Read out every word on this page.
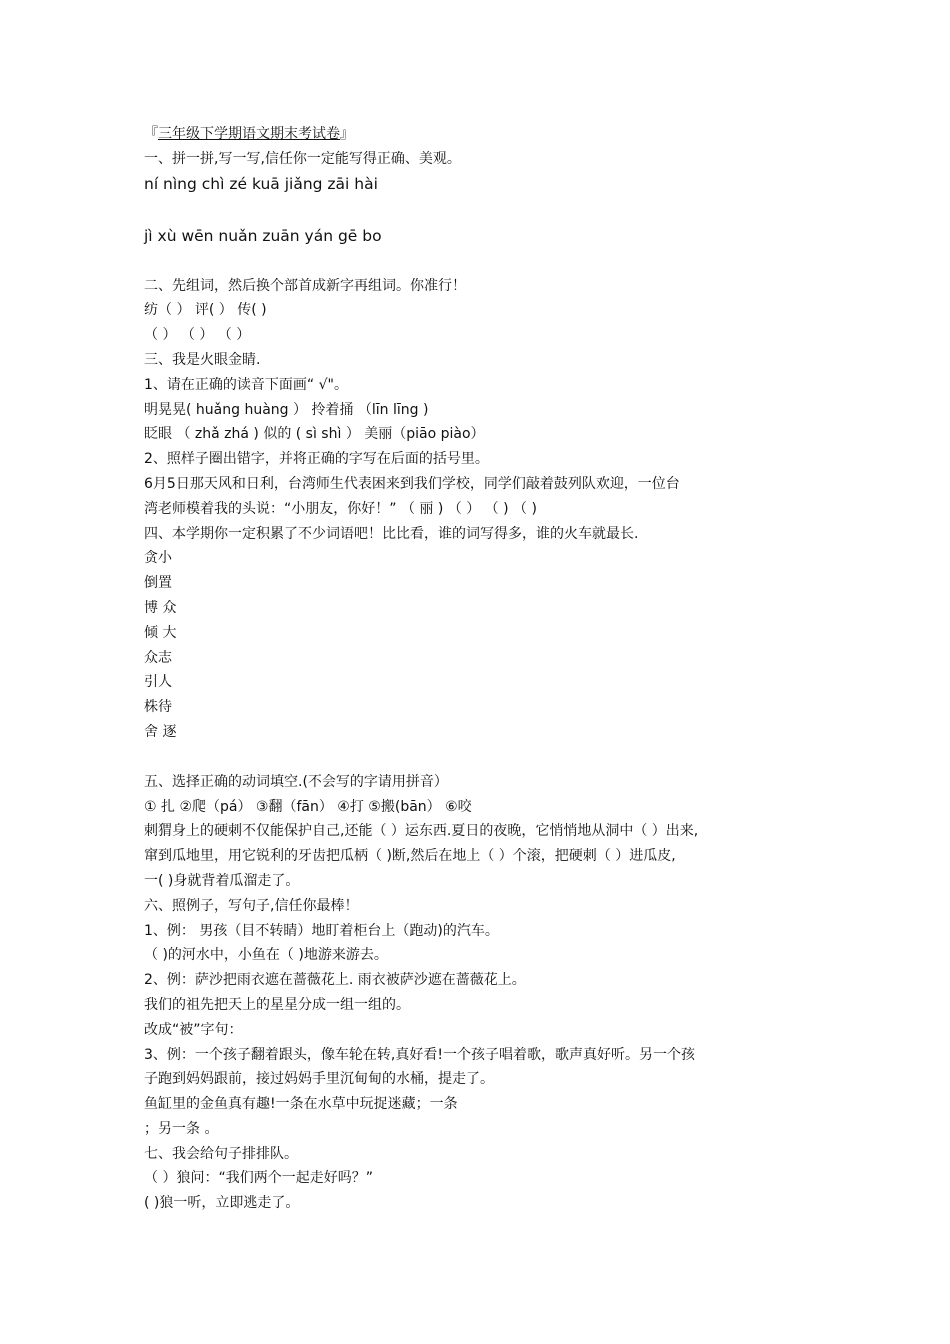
『三年级下学期语文期末考试卷』
一、拼一拼,写一写,信任你一定能写得正确、美观。
ní nìng chì zé kuā jiǎng zāi hài
jì xù wēn nuǎn zuān yán gē bo
二、先组词，然后换个部首成新字再组词。你准行！
纺（ ） 评( ） 传( )
（ ） （ ） （ ）
三、我是火眼金睛.
1、请在正确的读音下面画“ √"。
明晃晃( huǎng huàng ） 拎着捅 （līn līng )
眨眼 （ zhǎ zhá ) 似的 ( sì shì ） 美丽（piāo piào）
2、照样子圈出错字，并将正确的字写在后面的括号里。
6月5日那天风和日利，台湾师生代表困来到我们学校，同学们敲着鼓列队欢迎，一位台
湾老师模着我的头说：“小朋友，你好！” （ 丽 ) （ ） （ ) （ )
四、本学期你一定积累了不少词语吧！比比看，谁的词写得多，谁的火车就最长.
贪小
倒置
博 众
倾 大
众志
引人
株待
舍 逐
五、选择正确的动词填空.(不会写的字请用拼音）
① 扎 ②爬（pá） ③翻（fān） ④打 ⑤搬(bān） ⑥咬
刺猬身上的硬刺不仅能保护自己,还能（ ）运东西.夏日的夜晚，它悄悄地从洞中（ ）出来,
窜到瓜地里，用它锐利的牙齿把瓜柄（ )断,然后在地上（ ）个滚，把硬刺（ ）进瓜皮,
一( )身就背着瓜溜走了。
六、照例子，写句子,信任你最棒！
1、例： 男孩（目不转睛）地盯着柜台上（跑动)的汽车。
（ )的河水中，小鱼在（ )地游来游去。
2、例：萨沙把雨衣遮在蔷薇花上. 雨衣被萨沙遮在蔷薇花上。
我们的祖先把天上的星星分成一组一组的。
改成“被”字句：
3、例：一个孩子翻着跟头，像车轮在转,真好看!一个孩子唱着歌，歌声真好听。另一个孩
子跑到妈妈跟前，接过妈妈手里沉甸甸的水桶，提走了。
鱼缸里的金鱼真有趣!一条在水草中玩捉迷藏；一条
；另一条 。
七、我会给句子排排队。
（ ）狼问：“我们两个一起走好吗？”
( )狼一听，立即逃走了。
